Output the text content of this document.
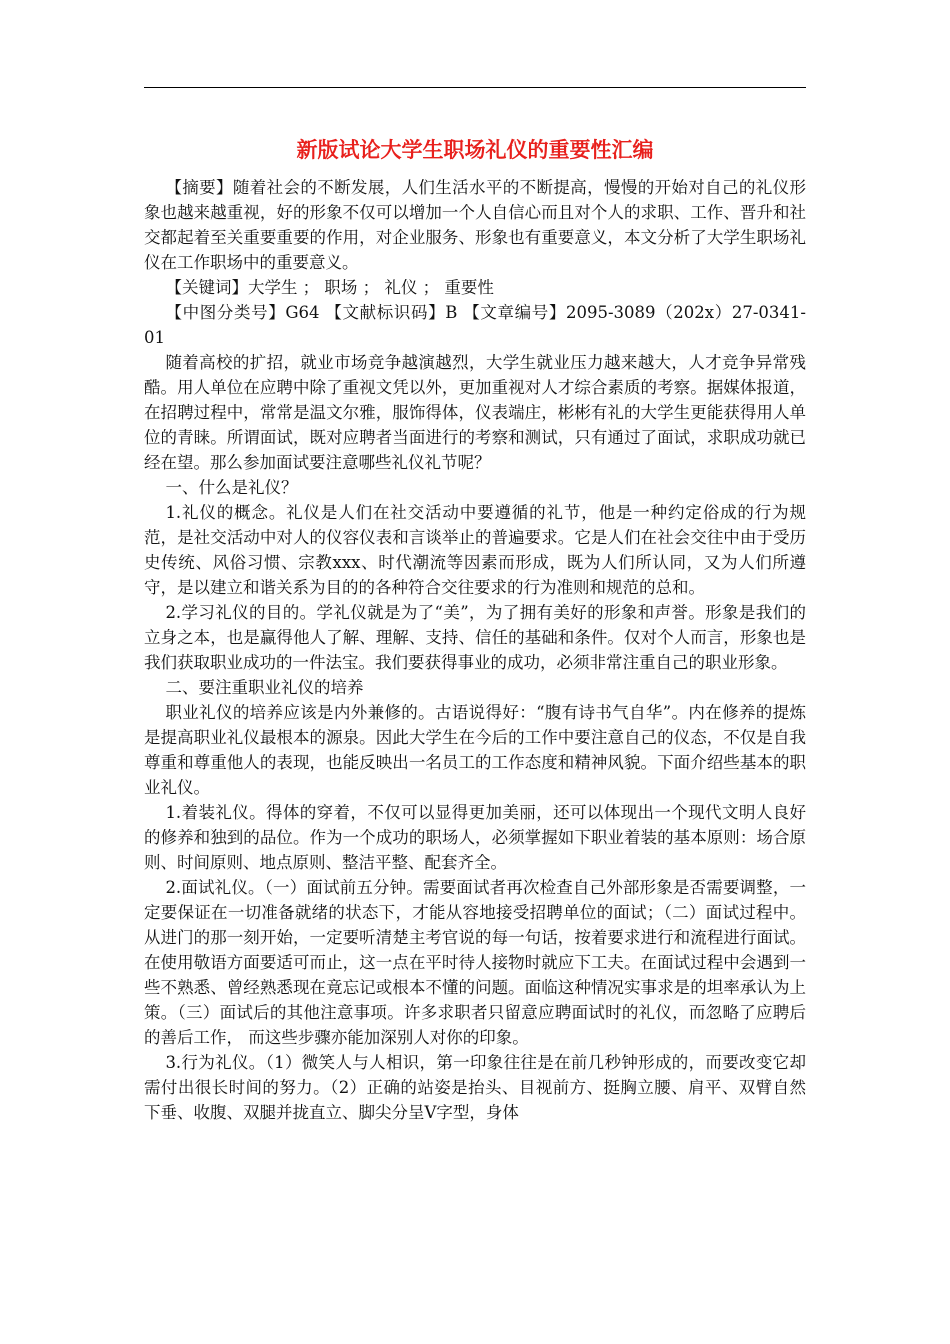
新版试论大学生职场礼仪的重要性汇编

【摘要】随着社会的不断发展，人们生活水平的不断提高，慢慢的开始对自己的礼仪形象也越来越重视，好的形象不仅可以增加一个人自信心而且对个人的求职、工作、晋升和社交都起着至关重要重要的作用，对企业服务、形象也有重要意义，本文分析了大学生职场礼仪在工作职场中的重要意义。

【关键词】大学生 ； 职场 ； 礼仪 ； 重要性

【中图分类号】G64 【文献标识码】B 【文章编号】2095-3089（202x）27-0341-01

随着高校的扩招，就业市场竞争越演越烈，大学生就业压力越来越大，人才竞争异常残酷。用人单位在应聘中除了重视文凭以外，更加重视对人才综合素质的考察。据媒体报道，在招聘过程中，常常是温文尔雅，服饰得体，仪表端庄，彬彬有礼的大学生更能获得用人单位的青睐。所谓面试，既对应聘者当面进行的考察和测试，只有通过了面试，求职成功就已经在望。那么参加面试要注意哪些礼仪礼节呢？

一、什么是礼仪？

1.礼仪的概念。礼仪是人们在社交活动中要遵循的礼节，他是一种约定俗成的行为规范，是社交活动中对人的仪容仪表和言谈举止的普遍要求。它是人们在社会交往中由于受历史传统、风俗习惯、宗教xxx、时代潮流等因素而形成，既为人们所认同，又为人们所遵守，是以建立和谐关系为目的的各种符合交往要求的行为准则和规范的总和。

2.学习礼仪的目的。学礼仪就是为了“美”，为了拥有美好的形象和声誉。形象是我们的立身之本，也是赢得他人了解、理解、支持、信任的基础和条件。仅对个人而言，形象也是我们获取职业成功的一件法宝。我们要获得事业的成功，必须非常注重自己的职业形象。

二、要注重职业礼仪的培养

职业礼仪的培养应该是内外兼修的。古语说得好：“腹有诗书气自华”。内在修养的提炼是提高职业礼仪最根本的源泉。因此大学生在今后的工作中要注意自己的仪态，不仅是自我尊重和尊重他人的表现，也能反映出一名员工的工作态度和精神风貌。下面介绍些基本的职业礼仪。

1.着装礼仪。得体的穿着，不仅可以显得更加美丽，还可以体现出一个现代文明人良好的修养和独到的品位。作为一个成功的职场人，必须掌握如下职业着装的基本原则：场合原则、时间原则、地点原则、整洁平整、配套齐全。

2.面试礼仪。（一）面试前五分钟。需要面试者再次检查自己外部形象是否需要调整，一定要保证在一切准备就绪的状态下，才能从容地接受招聘单位的面试；（二）面试过程中。从进门的那一刻开始，一定要听清楚主考官说的每一句话，按着要求进行和流程进行面试。在使用敬语方面要适可而止，这一点在平时待人接物时就应下工夫。在面试过程中会遇到一些不熟悉、曾经熟悉现在竟忘记或根本不懂的问题。面临这种情况实事求是的坦率承认为上策。（三）面试后的其他注意事项。许多求职者只留意应聘面试时的礼仪，而忽略了应聘后的善后工作， 而这些步骤亦能加深别人对你的印象。

3.行为礼仪。（1）微笑人与人相识，第一印象往往是在前几秒钟形成的，而要改变它却需付出很长时间的努力。（2）正确的站姿是抬头、目视前方、挺胸立腰、肩平、双臂自然下垂、收腹、双腿并拢直立、脚尖分呈V字型，身体
